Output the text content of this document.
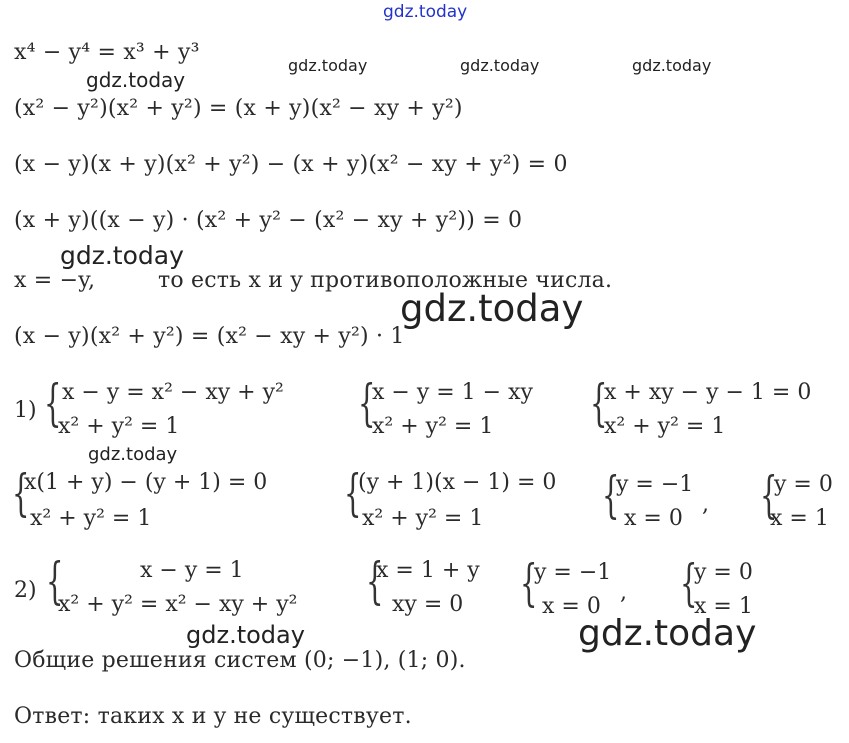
gdz.today
gdz.today
gdz.today	gdz.today	gdz.today
gdz.today
gdz.today
gdz.today
gdz.today	gdz.today
x⁴ − y⁴ = x³ + y³
(x² − y²)(x² + y²) = (x + y)(x² − xy + y²)
(x − y)(x + y)(x² + y²) − (x + y)(x² − xy + y²) = 0
(x + y)((x − y) · (x² + y² − (x² − xy + y²)) = 0
x = −y,	то есть x и y противоположные числа.
(x − y)(x² + y²) = (x² − xy + y²) · 1
1) { x − y = x² − xy + y²
x² + y² = 1	{
x − y = 1 − xy
x² + y² = 1 {
x + xy − y − 1 = 0
x² + y² = 1
{
x(1 + y) − (y + 1) = 0
x² + y² = 1	{
(y + 1)(x − 1) = 0
x² + y² = 1 {
y = −1
x = 0
, {
y = 0
x = 1
2) {	x − y = 1
x² + y² = x² − xy + y² {
x = 1 + y
xy = 0 {
y = −1
x = 0
, {
y = 0
x = 1
Общие решения систем (0; −1), (1; 0).
Ответ: таких x и y не существует.
